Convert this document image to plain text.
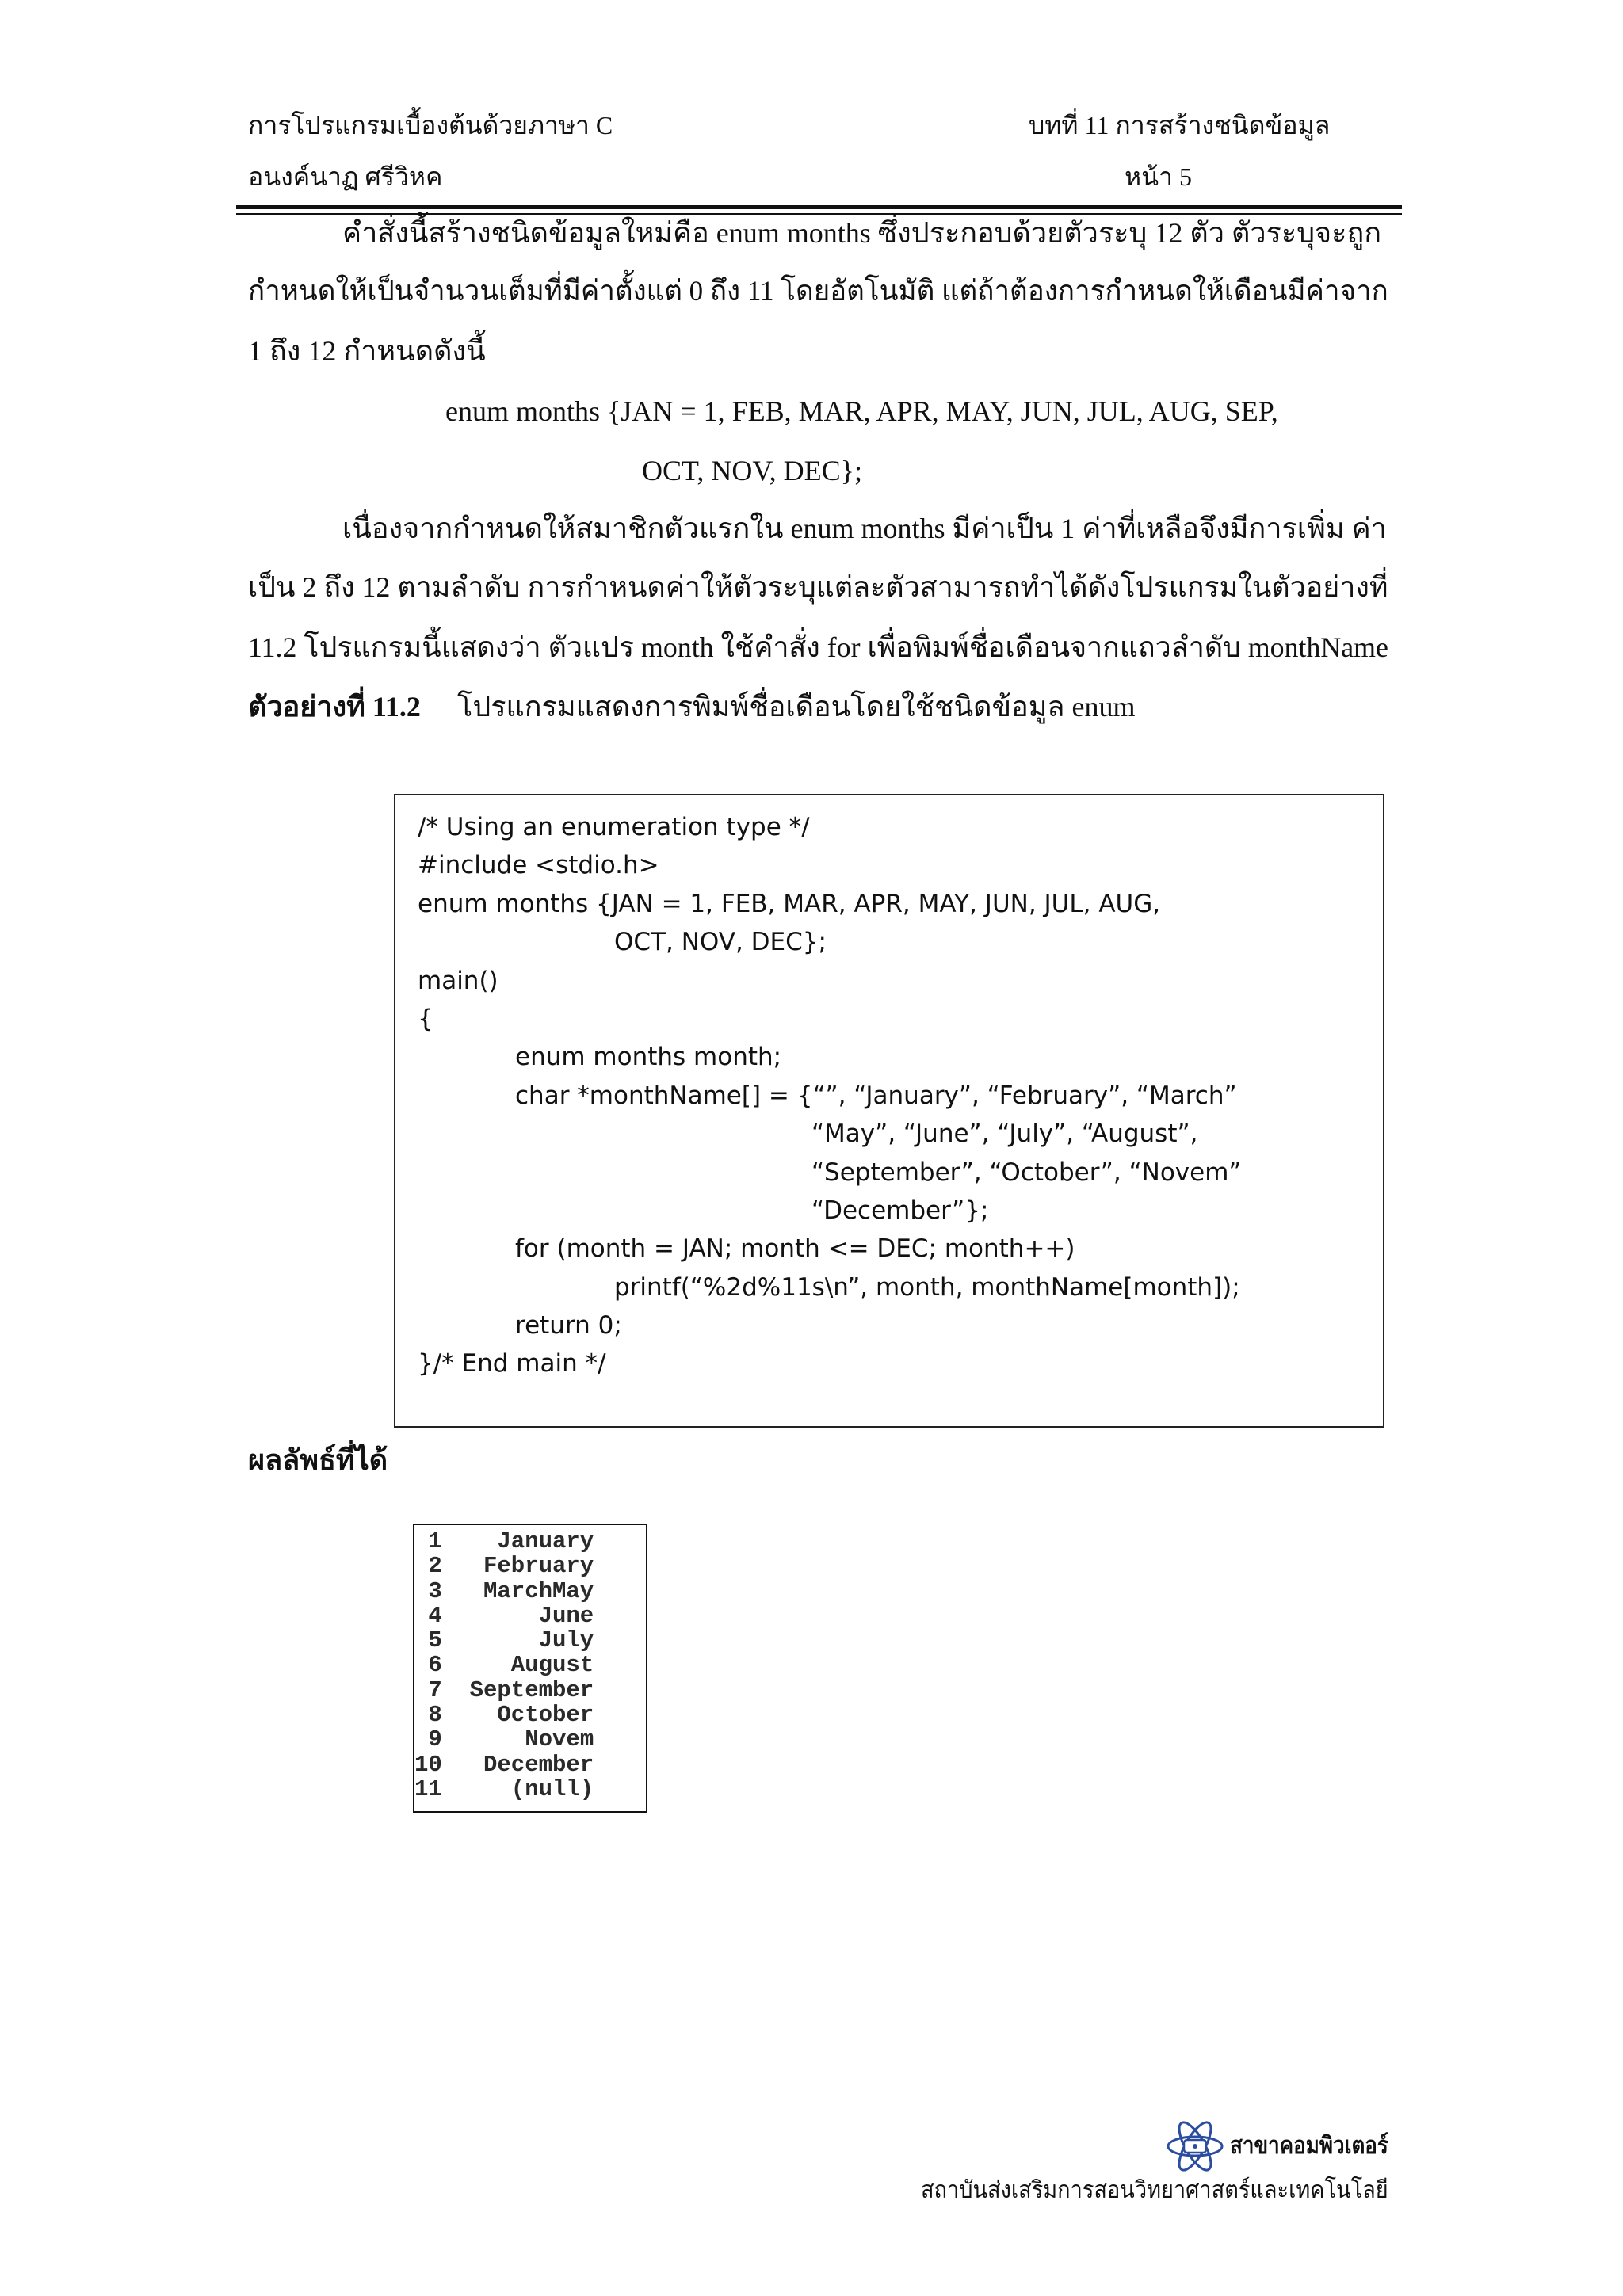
การโปรแกรมเบื้องต้นด้วยภาษา C	บทที่ 11 การสร้างชนิดข้อมูล
อนงค์นาฏ ศรีวิหค	หน้า 5
คำสั่งนี้สร้างชนิดข้อมูลใหม่คือ enum months ซึ่งประกอบด้วยตัวระบุ 12 ตัว ตัวระบุจะถูก
กำหนดให้เป็นจำนวนเต็มที่มีค่าตั้งแต่ 0 ถึง 11 โดยอัตโนมัติ แต่ถ้าต้องการกำหนดให้เดือนมีค่าจาก
1 ถึง 12 กำหนดดังนี้
enum months {JAN = 1, FEB, MAR, APR, MAY, JUN, JUL, AUG, SEP,
OCT, NOV, DEC};
เนื่องจากกำหนดให้สมาชิกตัวแรกใน enum months มีค่าเป็น 1 ค่าที่เหลือจึงมีการเพิ่ม ค่า
เป็น 2 ถึง 12 ตามลำดับ การกำหนดค่าให้ตัวระบุแต่ละตัวสามารถทำได้ดังโปรแกรมในตัวอย่างที่
11.2 โปรแกรมนี้แสดงว่า ตัวแปร month ใช้คำสั่ง for เพื่อพิมพ์ชื่อเดือนจากแถวลำดับ monthName
ตัวอย่างที่ 11.2 โปรแกรมแสดงการพิมพ์ชื่อเดือนโดยใช้ชนิดข้อมูล enum
/* Using an enumeration type */
#include <stdio.h>
enum months {JAN = 1, FEB, MAR, APR, MAY, JUN, JUL, AUG,
OCT, NOV, DEC};
main()
{
enum months month;
char *monthName[] = {“”, “January”, “February”, “March”
“May”, “June”, “July”, “August”,
“September”, “October”, “Novem”
“December”};
for (month = JAN; month <= DEC; month++)
printf(“%2d%11s\n”, month, monthName[month]);
return 0;
}/* End main */
ผลลัพธ์ที่ได้
1 January
2 February
3 MarchMay
4	June
5	July
6	August
7 September
8 October
9	Novem
10 December
11	(null)
สาขาคอมพิวเตอร์
สถาบันส่งเสริมการสอนวิทยาศาสตร์และเทคโนโลยี
